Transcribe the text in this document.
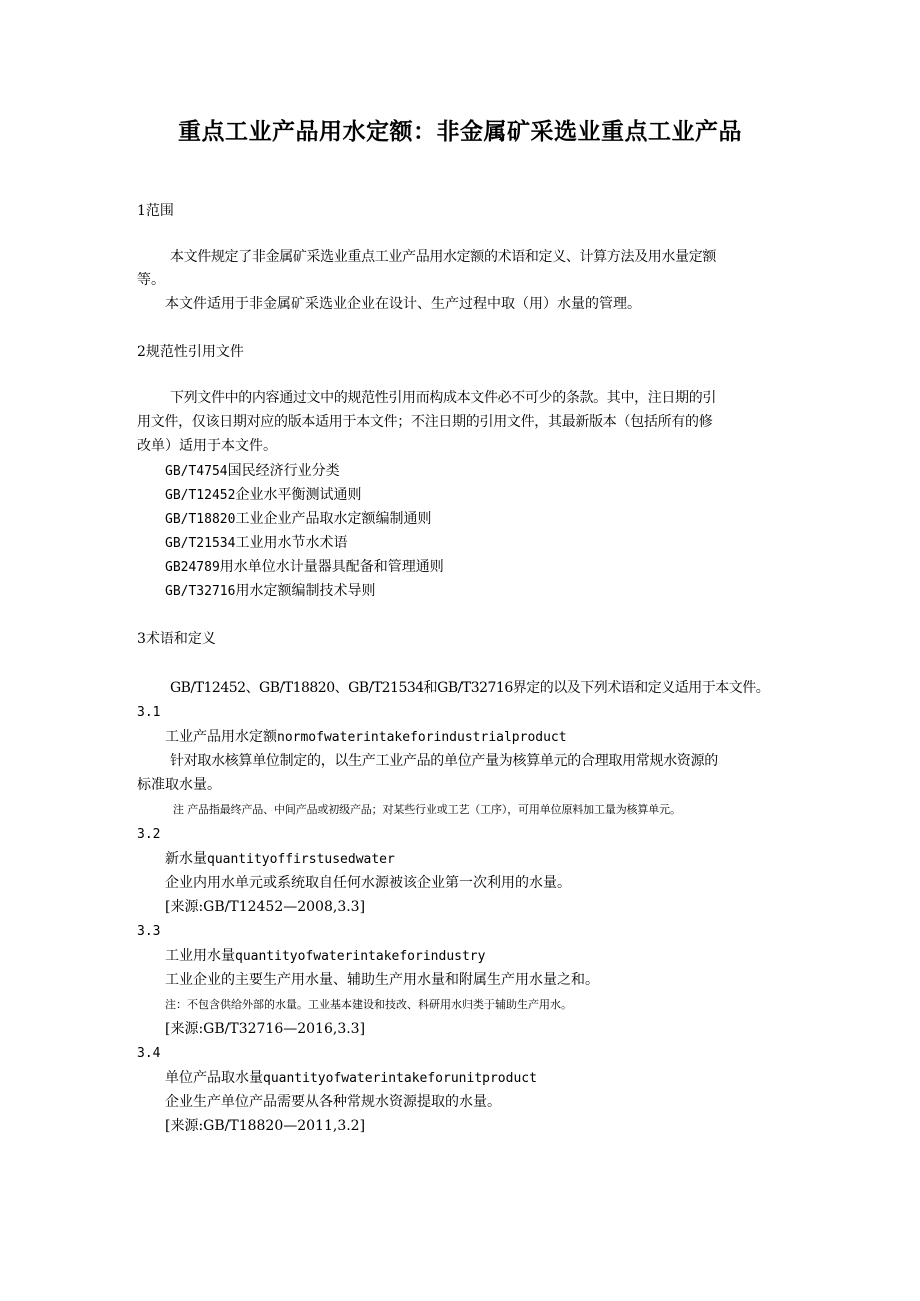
重点工业产品用水定额：非金属矿采选业重点工业产品
1范围
本文件规定了非金属矿采选业重点工业产品用水定额的术语和定义、计算方法及用水量定额
等。
本文件适用于非金属矿采选业企业在设计、生产过程中取（用）水量的管理。
2规范性引用文件
下列文件中的内容通过文中的规范性引用而构成本文件必不可少的条款。其中，注日期的引
用文件，仅该日期对应的版本适用于本文件；不注日期的引用文件，其最新版本（包括所有的修
改单）适用于本文件。
GB/T4754国民经济行业分类
GB/T12452企业水平衡测试通则
GB/T18820工业企业产品取水定额编制通则
GB/T21534工业用水节水术语
GB24789用水单位水计量器具配备和管理通则
GB/T32716用水定额编制技术导则
3术语和定义
GB/T12452、GB/T18820、GB/T21534和GB/T32716界定的以及下列术语和定义适用于本文件。
3.1
工业产品用水定额normofwaterintakeforindustrialproduct
针对取水核算单位制定的，以生产工业产品的单位产量为核算单元的合理取用常规水资源的
标准取水量。
注 产品指最终产品、中间产品或初级产品；对某些行业或工艺（工序），可用单位原料加工量为核算单元。
3.2
新水量quantityoffirstusedwater
企业内用水单元或系统取自任何水源被该企业第一次利用的水量。
[来源:GB/T12452—2008,3.3]
3.3
工业用水量quantityofwaterintakeforindustry
工业企业的主要生产用水量、辅助生产用水量和附属生产用水量之和。
注：不包含供给外部的水量。工业基本建设和技改、科研用水归类于辅助生产用水。
[来源:GB/T32716—2016,3.3]
3.4
单位产品取水量quantityofwaterintakeforunitproduct
企业生产单位产品需要从各种常规水资源提取的水量。
[来源:GB/T18820—2011,3.2]
